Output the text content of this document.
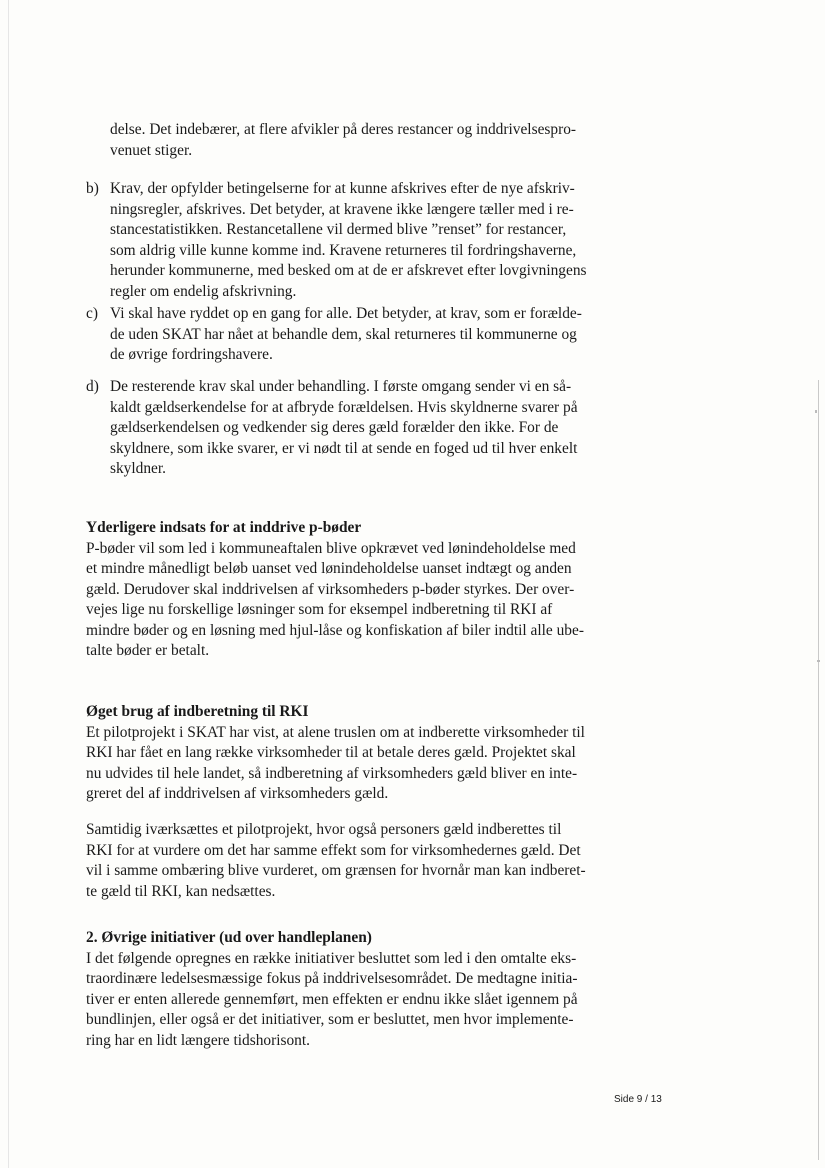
delse. Det indebærer, at flere afvikler på deres restancer og inddrivelsespro-
venuet stiger.
b) Krav, der opfylder betingelserne for at kunne afskrives efter de nye afskriv-
ningsregler, afskrives. Det betyder, at kravene ikke længere tæller med i re-
stancestatistikken. Restancetallene vil dermed blive ”renset” for restancer,
som aldrig ville kunne komme ind. Kravene returneres til fordringshaverne,
herunder kommunerne, med besked om at de er afskrevet efter lovgivningens
regler om endelig afskrivning.
c) Vi skal have ryddet op en gang for alle. Det betyder, at krav, som er forælde-
de uden SKAT har nået at behandle dem, skal returneres til kommunerne og
de øvrige fordringshavere.
d) De resterende krav skal under behandling. I første omgang sender vi en så-
kaldt gældserkendelse for at afbryde forældelsen. Hvis skyldnerne svarer på
gældserkendelsen og vedkender sig deres gæld forælder den ikke. For de
skyldnere, som ikke svarer, er vi nødt til at sende en foged ud til hver enkelt
skyldner.
Yderligere indsats for at inddrive p-bøder
P-bøder vil som led i kommuneaftalen blive opkrævet ved lønindeholdelse med
et mindre månedligt beløb uanset ved lønindeholdelse uanset indtægt og anden
gæld. Derudover skal inddrivelsen af virksomheders p-bøder styrkes. Der over-
vejes lige nu forskellige løsninger som for eksempel indberetning til RKI af
mindre bøder og en løsning med hjul-låse og konfiskation af biler indtil alle ube-
talte bøder er betalt.
Øget brug af indberetning til RKI
Et pilotprojekt i SKAT har vist, at alene truslen om at indberette virksomheder til
RKI har fået en lang række virksomheder til at betale deres gæld. Projektet skal
nu udvides til hele landet, så indberetning af virksomheders gæld bliver en inte-
greret del af inddrivelsen af virksomheders gæld.
Samtidig iværksættes et pilotprojekt, hvor også personers gæld indberettes til
RKI for at vurdere om det har samme effekt som for virksomhedernes gæld. Det
vil i samme ombæring blive vurderet, om grænsen for hvornår man kan indberet-
te gæld til RKI, kan nedsættes.
2. Øvrige initiativer (ud over handleplanen)
I det følgende opregnes en række initiativer besluttet som led i den omtalte eks-
traordinære ledelsesmæssige fokus på inddrivelsesområdet. De medtagne initia-
tiver er enten allerede gennemført, men effekten er endnu ikke slået igennem på
bundlinjen, eller også er det initiativer, som er besluttet, men hvor implemente-
ring har en lidt længere tidshorisont.
Side 9 / 13
